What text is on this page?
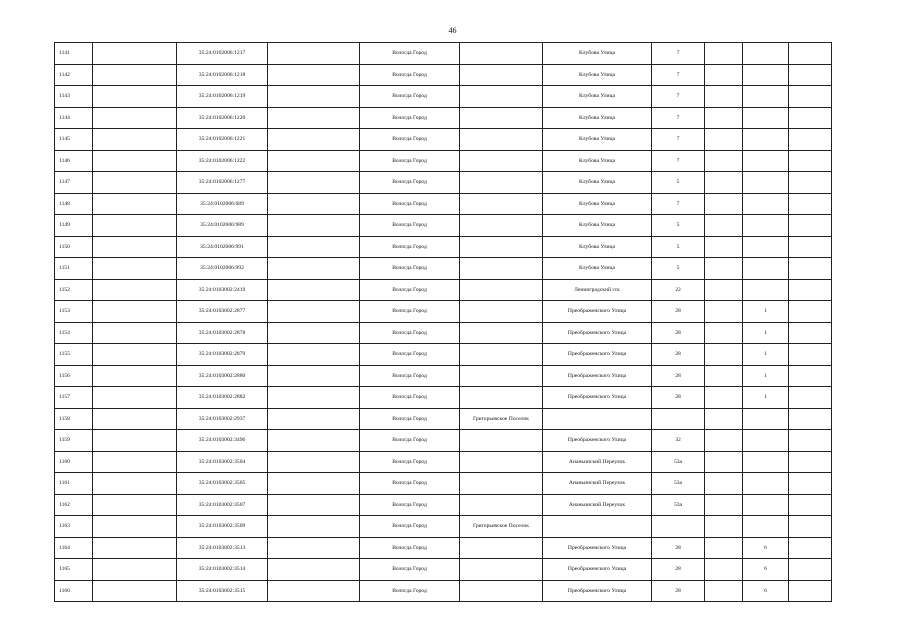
46
1141		35:24:0102006:1217		Вологда Город		Клубова Улица	7			
1142		35:24:0102006:1218		Вологда Город		Клубова Улица	7			
1143		35:24:0102006:1219		Вологда Город		Клубова Улица	7			
1144		35:24:0102006:1220		Вологда Город		Клубова Улица	7			
1145		35:24:0102006:1221		Вологда Город		Клубова Улица	7			
1146		35:24:0102006:1222		Вологда Город		Клубова Улица	7			
1147		35:24:0102006:1277		Вологда Город		Клубова Улица	5			
1148		35:24:0102006:689		Вологда Город		Клубова Улица	7			
1149		35:24:0102006:989		Вологда Город		Клубова Улица	5			
1150		35:24:0102006:991		Вологда Город		Клубова Улица	5			
1151		35:24:0102006:992		Вологда Город		Клубова Улица	5			
1152		35:24:0103002:2419		Вологда Город		Ленинградский гск	22			
1153		35:24:0103002:2877		Вологда Город		Преображенского Улица	28		1	
1154		35:24:0103002:2878		Вологда Город		Преображенского Улица	28		1	
1155		35:24:0103002:2879		Вологда Город		Преображенского Улица	28		1	
1156		35:24:0103002:2880		Вологда Город		Преображенского Улица	28		1	
1157		35:24:0103002:2882		Вологда Город		Преображенского Улица	28		1	
1158		35:24:0103002:2937		Вологда Город	Григорьевское Поселок					
1159		35:24:0103002:3496		Вологда Город		Преображенского Улица	32			
1160		35:24:0103002:3504		Вологда Город		Ананьинский Переулок	53а			
1161		35:24:0103002:3505		Вологда Город		Ананьинский Переулок	53а			
1162		35:24:0103002:3507		Вологда Город		Ананьинский Переулок	53а			
1163		35:24:0103002:3509		Вологда Город	Григорьевское Поселок					
1164		35:24:0103002:3513		Вологда Город		Преображенского Улица	28		6	
1165		35:24:0103002:3514		Вологда Город		Преображенского Улица	28		6	
1166		35:24:0103002:3515		Вологда Город		Преображенского Улица	28		6	
